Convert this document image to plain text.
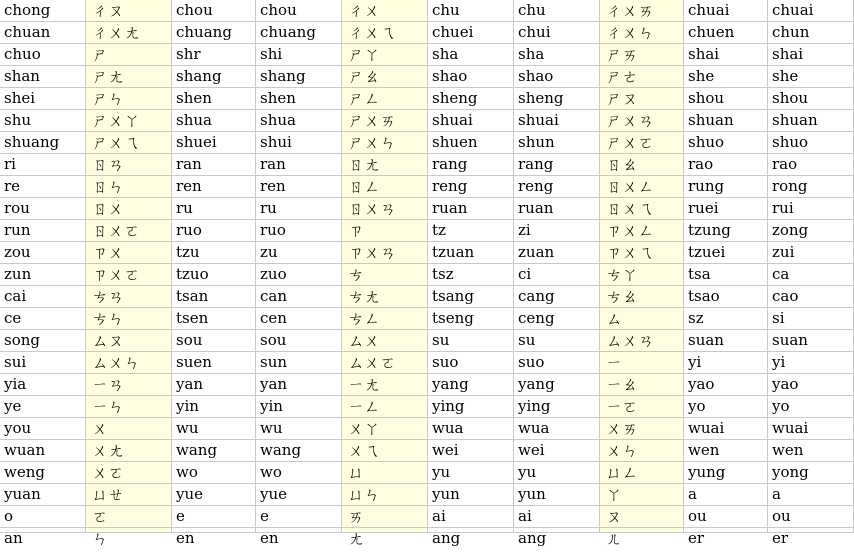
chong	ㄔㄡ	chou	chou	ㄔㄨ	chu	chu	ㄔㄨㄞ	chuai	chuai
chuan	ㄔㄨㄤ	chuang	chuang	ㄔㄨㄟ	chuei	chui	ㄔㄨㄣ	chuen	chun
chuo	ㄕ	shr	shi	ㄕㄚ	sha	sha	ㄕㄞ	shai	shai
shan	ㄕㄤ	shang	shang	ㄕㄠ	shao	shao	ㄕㄜ	she	she
shei	ㄕㄣ	shen	shen	ㄕㄥ	sheng	sheng	ㄕㄡ	shou	shou
shu	ㄕㄨㄚ	shua	shua	ㄕㄨㄞ	shuai	shuai	ㄕㄨㄢ	shuan	shuan
shuang	ㄕㄨㄟ	shuei	shui	ㄕㄨㄣ	shuen	shun	ㄕㄨㄛ	shuo	shuo
ri	ㄖㄢ	ran	ran	ㄖㄤ	rang	rang	ㄖㄠ	rao	rao
re	ㄖㄣ	ren	ren	ㄖㄥ	reng	reng	ㄖㄨㄥ	rung	rong
rou	ㄖㄨ	ru	ru	ㄖㄨㄢ	ruan	ruan	ㄖㄨㄟ	ruei	rui
run	ㄖㄨㄛ	ruo	ruo	ㄗ	tz	zi	ㄗㄨㄥ	tzung	zong
zou	ㄗㄨ	tzu	zu	ㄗㄨㄢ	tzuan	zuan	ㄗㄨㄟ	tzuei	zui
zun	ㄗㄨㄛ	tzuo	zuo	ㄘ	tsz	ci	ㄘㄚ	tsa	ca
cai	ㄘㄢ	tsan	can	ㄘㄤ	tsang	cang	ㄘㄠ	tsao	cao
ce	ㄘㄣ	tsen	cen	ㄘㄥ	tseng	ceng	ㄙ	sz	si
song	ㄙㄡ	sou	sou	ㄙㄨ	su	su	ㄙㄨㄢ	suan	suan
sui	ㄙㄨㄣ	suen	sun	ㄙㄨㄛ	suo	suo	ㄧ	yi	yi
yia	ㄧㄢ	yan	yan	ㄧㄤ	yang	yang	ㄧㄠ	yao	yao
ye	ㄧㄣ	yin	yin	ㄧㄥ	ying	ying	ㄧㄛ	yo	yo
you	ㄨ	wu	wu	ㄨㄚ	wua	wua	ㄨㄞ	wuai	wuai
wuan	ㄨㄤ	wang	wang	ㄨㄟ	wei	wei	ㄨㄣ	wen	wen
weng	ㄨㄛ	wo	wo	ㄩ	yu	yu	ㄩㄥ	yung	yong
yuan	ㄩㄝ	yue	yue	ㄩㄣ	yun	yun	ㄚ	a	a
o	ㄛ	e	e	ㄞ	ai	ai	ㄡ	ou	ou
an	ㄣ	en	en	ㄤ	ang	ang	ㄦ	er	er
